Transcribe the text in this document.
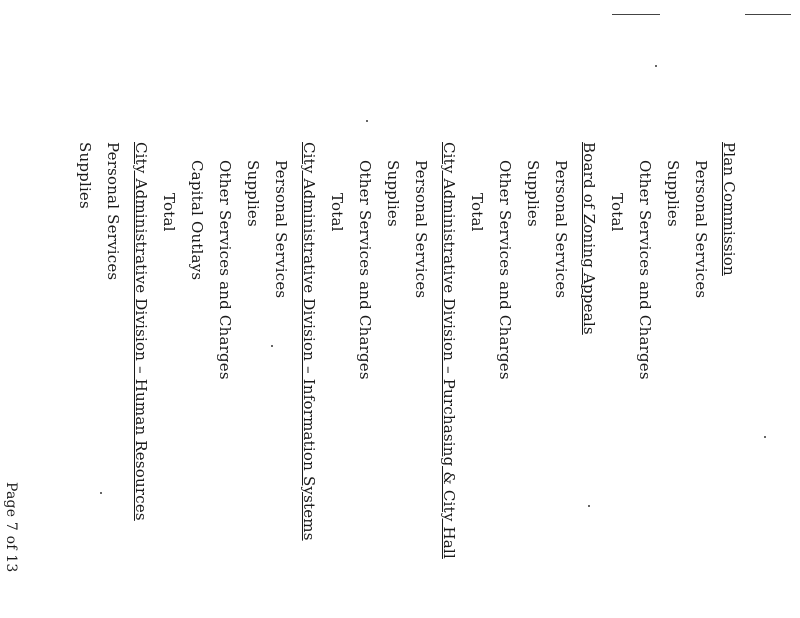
Plan Commission
Personal Services
Supplies
Other Services and Charges
Total
Board of Zoning Appeals
Personal Services
Supplies
Other Services and Charges
Total
City Administrative Division – Purchasing & City Hall
Personal Services
Supplies
Other Services and Charges
Total
City Administrative Division – Information Systems
Personal Services
Supplies
Other Services and Charges
Capital Outlays
Total
City Administrative Division – Human Resources
Personal Services
Supplies
Page 7 of 13
